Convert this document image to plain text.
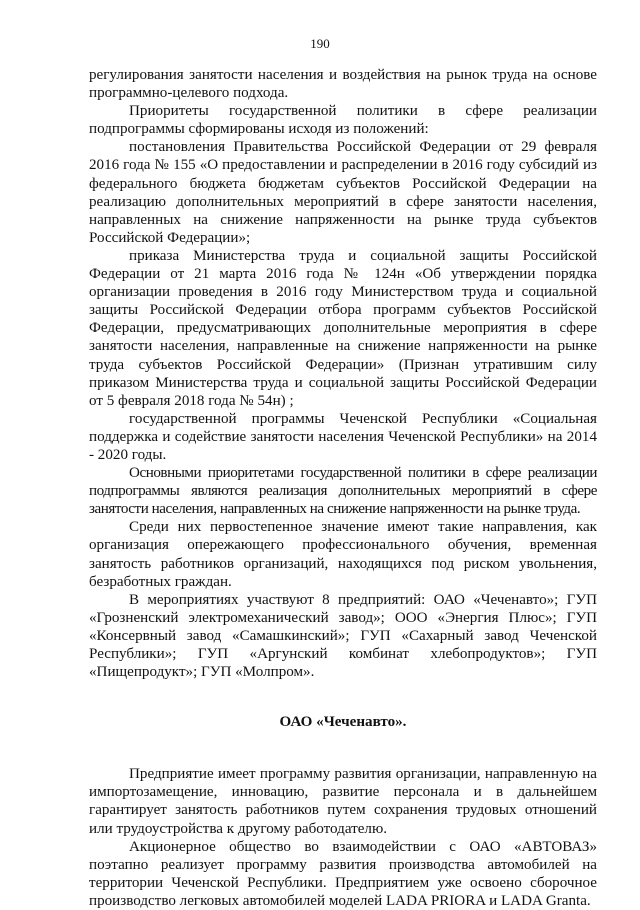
190

регулирования занятости населения и воздействия на рынок труда на основе программно-целевого подхода.

Приоритеты государственной политики в сфере реализации подпрограммы сформированы исходя из положений:

постановления Правительства Российской Федерации от 29 февраля 2016 года № 155 «О предоставлении и распределении в 2016 году субсидий из федерального бюджета бюджетам субъектов Российской Федерации на реализацию дополнительных мероприятий в сфере занятости населения, направленных на снижение напряженности на рынке труда субъектов Российской Федерации»;

приказа Министерства труда и социальной защиты Российской Федерации от 21 марта 2016 года № 124н «Об утверждении порядка организации проведения в 2016 году Министерством труда и социальной защиты Российской Федерации отбора программ субъектов Российской Федерации, предусматривающих дополнительные мероприятия в сфере занятости населения, направленные на снижение напряженности на рынке труда субъектов Российской Федерации» (Признан утратившим силу приказом Министерства труда и социальной защиты Российской Федерации от 5 февраля 2018 года № 54н) ;

государственной программы Чеченской Республики «Социальная поддержка и содействие занятости населения Чеченской Республики» на 2014 - 2020 годы.

Основными приоритетами государственной политики в сфере реализации подпрограммы являются реализация дополнительных мероприятий в сфере занятости населения, направленных на снижение напряженности на рынке труда.

Среди них первостепенное значение имеют такие направления, как организация опережающего профессионального обучения, временная занятость работников организаций, находящихся под риском увольнения, безработных граждан.

В мероприятиях участвуют 8 предприятий: ОАО «Чеченавто»; ГУП «Грозненский электромеханический завод»; ООО «Энергия Плюс»; ГУП «Консервный завод «Самашкинский»; ГУП «Сахарный завод Чеченской Республики»; ГУП «Аргунский комбинат хлебопродуктов»; ГУП «Пищепродукт»; ГУП «Молпром».

ОАО «Чеченавто».

Предприятие имеет программу развития организации, направленную на импортозамещение, инновацию, развитие персонала и в дальнейшем гарантирует занятость работников путем сохранения трудовых отношений или трудоустройства к другому работодателю.

Акционерное общество во взаимодействии с ОАО «АВТОВАЗ» поэтапно реализует программу развития производства автомобилей на территории Чеченской Республики. Предприятием уже освоено сборочное производство легковых автомобилей моделей LADA PRIORA и LADA Granta.
